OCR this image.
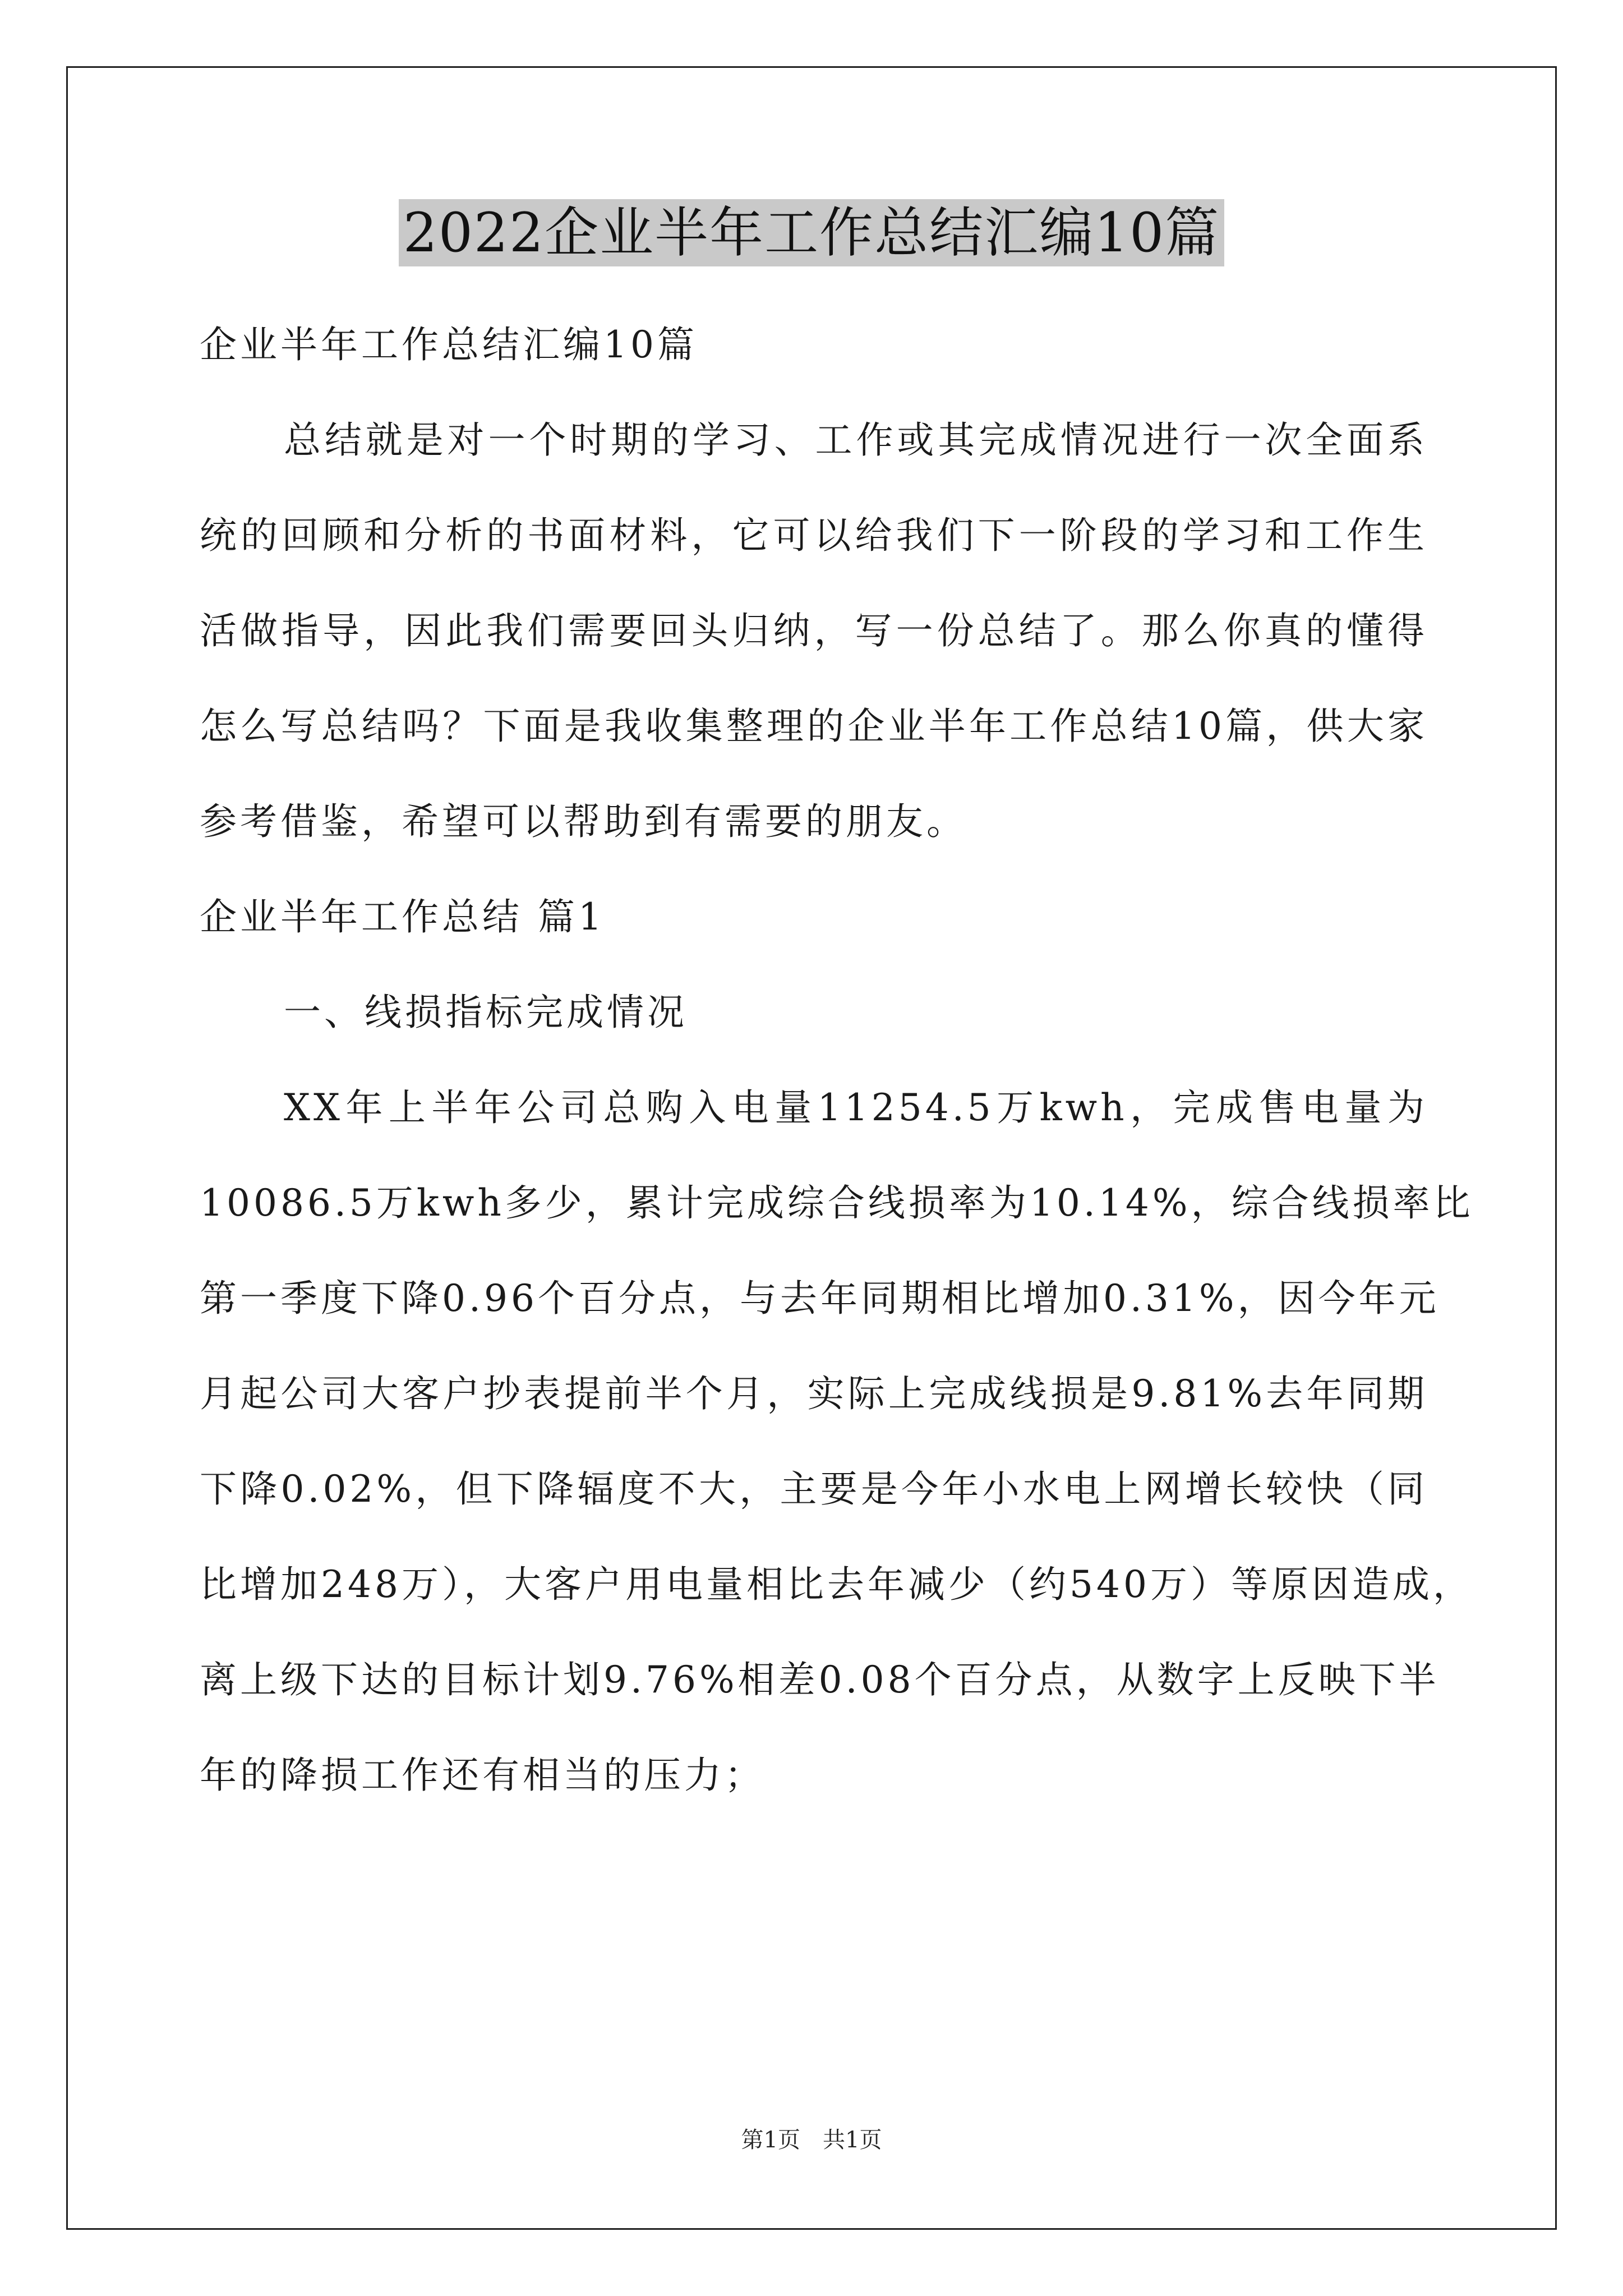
2022企业半年工作总结汇编10篇
企业半年工作总结汇编10篇
总结就是对一个时期的学习、工作或其完成情况进行一次全面系
统的回顾和分析的书面材料，它可以给我们下一阶段的学习和工作生
活做指导，因此我们需要回头归纳，写一份总结了。那么你真的懂得
怎么写总结吗？下面是我收集整理的企业半年工作总结10篇，供大家
参考借鉴，希望可以帮助到有需要的朋友。
企业半年工作总结 篇1
一、线损指标完成情况
XX年上半年公司总购入电量11254.5万kwh，完成售电量为
10086.5万kwh多少，累计完成综合线损率为10.14%，综合线损率比
第一季度下降0.96个百分点，与去年同期相比增加0.31%，因今年元
月起公司大客户抄表提前半个月，实际上完成线损是9.81%去年同期
下降0.02%，但下降辐度不大，主要是今年小水电上网增长较快（同
比增加248万），大客户用电量相比去年减少（约540万）等原因造成，
离上级下达的目标计划9.76%相差0.08个百分点，从数字上反映下半
年的降损工作还有相当的压力；
第1页　共1页
